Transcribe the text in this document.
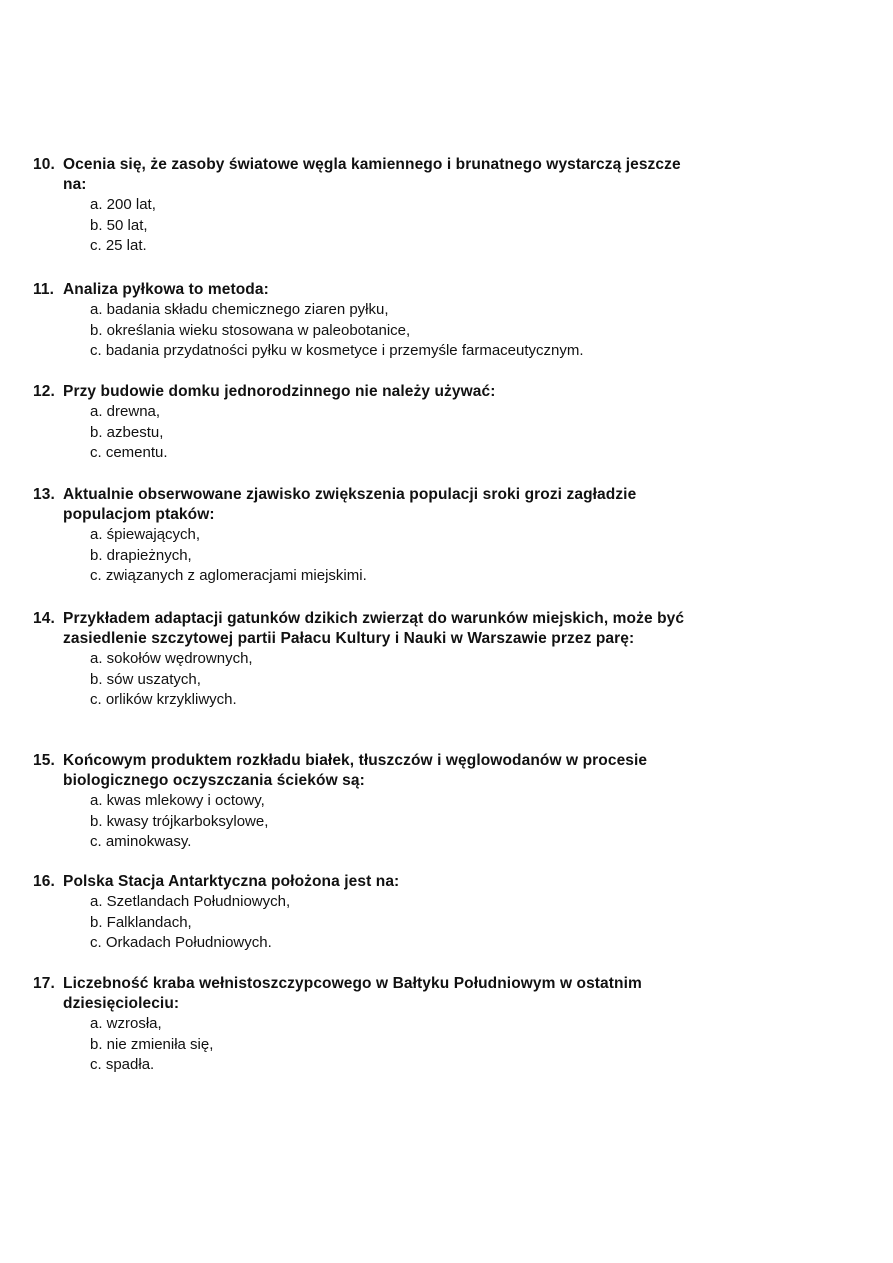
10. Ocenia się, że zasoby światowe węgla kamiennego i brunatnego wystarczą jeszcze na:
a. 200 lat,
b. 50 lat,
c. 25 lat.
11. Analiza pyłkowa to metoda:
a. badania składu chemicznego ziaren pyłku,
b. określania wieku stosowana w paleobotanice,
c. badania przydatności pyłku w kosmetyce i przemyśle farmaceutycznym.
12. Przy budowie domku jednorodzinnego nie należy używać:
a. drewna,
b. azbestu,
c. cementu.
13. Aktualnie obserwowane zjawisko zwiększenia populacji sroki grozi zagładzie populacjom ptaków:
a. śpiewających,
b. drapieżnych,
c. związanych z aglomeracjami miejskimi.
14. Przykładem adaptacji gatunków dzikich zwierząt do warunków miejskich, może być zasiedlenie szczytowej partii Pałacu Kultury i Nauki w Warszawie przez parę:
a. sokołów wędrownych,
b. sów uszatych,
c. orlików krzykliwych.
15. Końcowym produktem rozkładu białek, tłuszczów i węglowodanów w procesie biologicznego oczyszczania ścieków są:
a. kwas mlekowy i octowy,
b. kwasy trójkarboksylowe,
c. aminokwasy.
16. Polska Stacja Antarktyczna położona jest na:
a. Szetlandach Południowych,
b. Falklandach,
c. Orkadach Południowych.
17. Liczebność kraba wełnistoszczypcowego w Bałtyku Południowym w ostatnim dziesięcioleciu:
a. wzrosła,
b. nie zmieniła się,
c. spadła.
